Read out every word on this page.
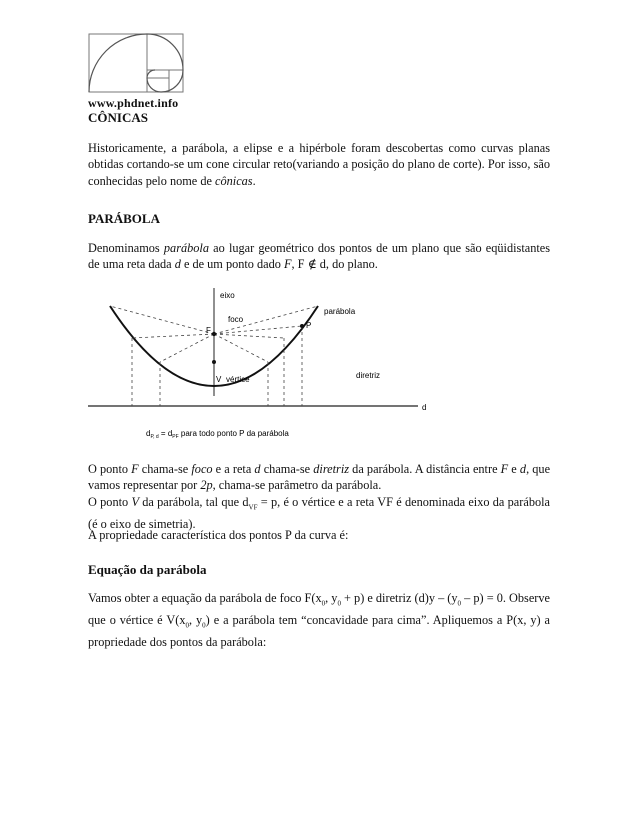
www.phdnet.info
CÔNICAS
Historicamente, a parábola, a elipse e a hipérbole foram descobertas como curvas planas obtidas cortando-se um cone circular reto(variando a posição do plano de corte). Por isso, são conhecidas pelo nome de cônicas.
PARÁBOLA
Denominamos parábola ao lugar geométrico dos pontos de um plano que são eqüidistantes de uma reta dada d e de um ponto dado F, F ∉ d, do plano.
eixo
foco
F
P
parábola
V vértice	diretriz
d
$d_{P, d} = d_{PF}$ para todo ponto P da parábola
O ponto F chama-se foco e a reta d chama-se diretriz da parábola. A distância entre F e d, que vamos representar por 2p, chama-se parâmetro da parábola.
O ponto V da parábola, tal que $d_{VF} = p$, é o vértice e a reta VF é denominada eixo da parábola (é o eixo de simetria).
A propriedade característica dos pontos P da curva é:
Equação da parábola
Vamos obter a equação da parábola de foco $F(x_0$, $y_0 + p$) e diretriz $(d)y - (y_0 - p) = 0$. Observe que o vértice é $V(x_0$, $y_0$) e a parábola tem “concavidade para cima”. Apliquemos a P(x, y) a propriedade dos pontos da parábola:
